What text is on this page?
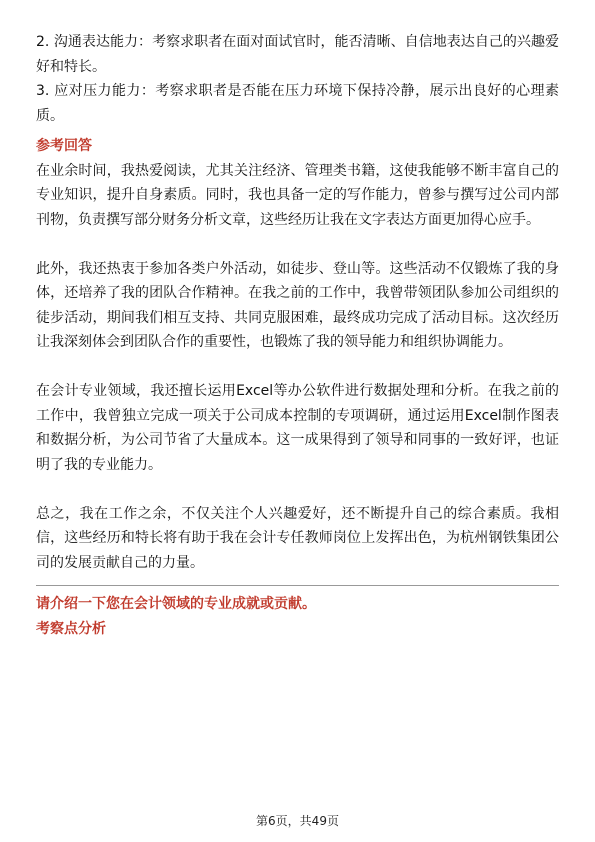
2. 沟通表达能力：考察求职者在面对面试官时，能否清晰、自信地表达自己的兴趣爱好和特长。

3. 应对压力能力：考察求职者是否能在压力环境下保持冷静，展示出良好的心理素质。

参考回答

在业余时间，我热爱阅读，尤其关注经济、管理类书籍，这使我能够不断丰富自己的专业知识，提升自身素质。同时，我也具备一定的写作能力，曾参与撰写过公司内部刊物，负责撰写部分财务分析文章，这些经历让我在文字表达方面更加得心应手。

此外，我还热衷于参加各类户外活动，如徒步、登山等。这些活动不仅锻炼了我的身体，还培养了我的团队合作精神。在我之前的工作中，我曾带领团队参加公司组织的徒步活动，期间我们相互支持、共同克服困难，最终成功完成了活动目标。这次经历让我深刻体会到团队合作的重要性，也锻炼了我的领导能力和组织协调能力。

在会计专业领域，我还擅长运用Excel等办公软件进行数据处理和分析。在我之前的工作中，我曾独立完成一项关于公司成本控制的专项调研，通过运用Excel制作图表和数据分析，为公司节省了大量成本。这一成果得到了领导和同事的一致好评，也证明了我的专业能力。

总之，我在工作之余，不仅关注个人兴趣爱好，还不断提升自己的综合素质。我相信，这些经历和特长将有助于我在会计专任教师岗位上发挥出色，为杭州钢铁集团公司的发展贡献自己的力量。

请介绍一下您在会计领域的专业成就或贡献。
考察点分析
第6页，共49页
